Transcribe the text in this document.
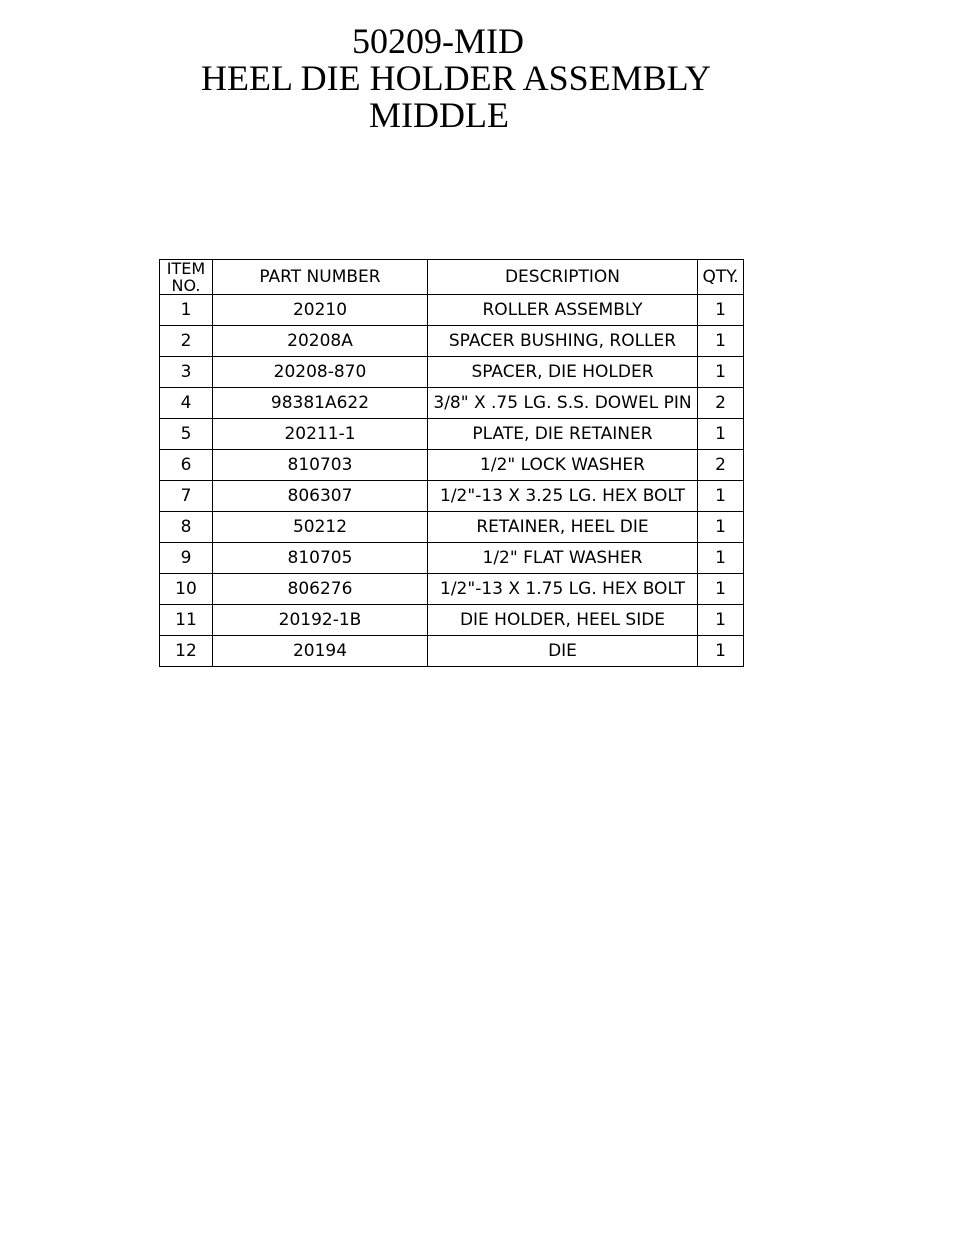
50209-MID
HEEL DIE HOLDER ASSEMBLY
MIDDLE
ITEM
NO.	PART NUMBER	DESCRIPTION	QTY.
1	20210	ROLLER ASSEMBLY	1
2	20208A	SPACER BUSHING, ROLLER	1
3	20208-870	SPACER, DIE HOLDER	1
4	98381A622	3/8" X .75 LG. S.S. DOWEL PIN	2
5	20211-1	PLATE, DIE RETAINER	1
6	810703	1/2" LOCK WASHER	2
7	806307	1/2"-13 X 3.25 LG. HEX BOLT	1
8	50212	RETAINER, HEEL DIE	1
9	810705	1/2" FLAT WASHER	1
10	806276	1/2"-13 X 1.75 LG. HEX BOLT	1
11	20192-1B	DIE HOLDER, HEEL SIDE	1
12	20194	DIE	1
